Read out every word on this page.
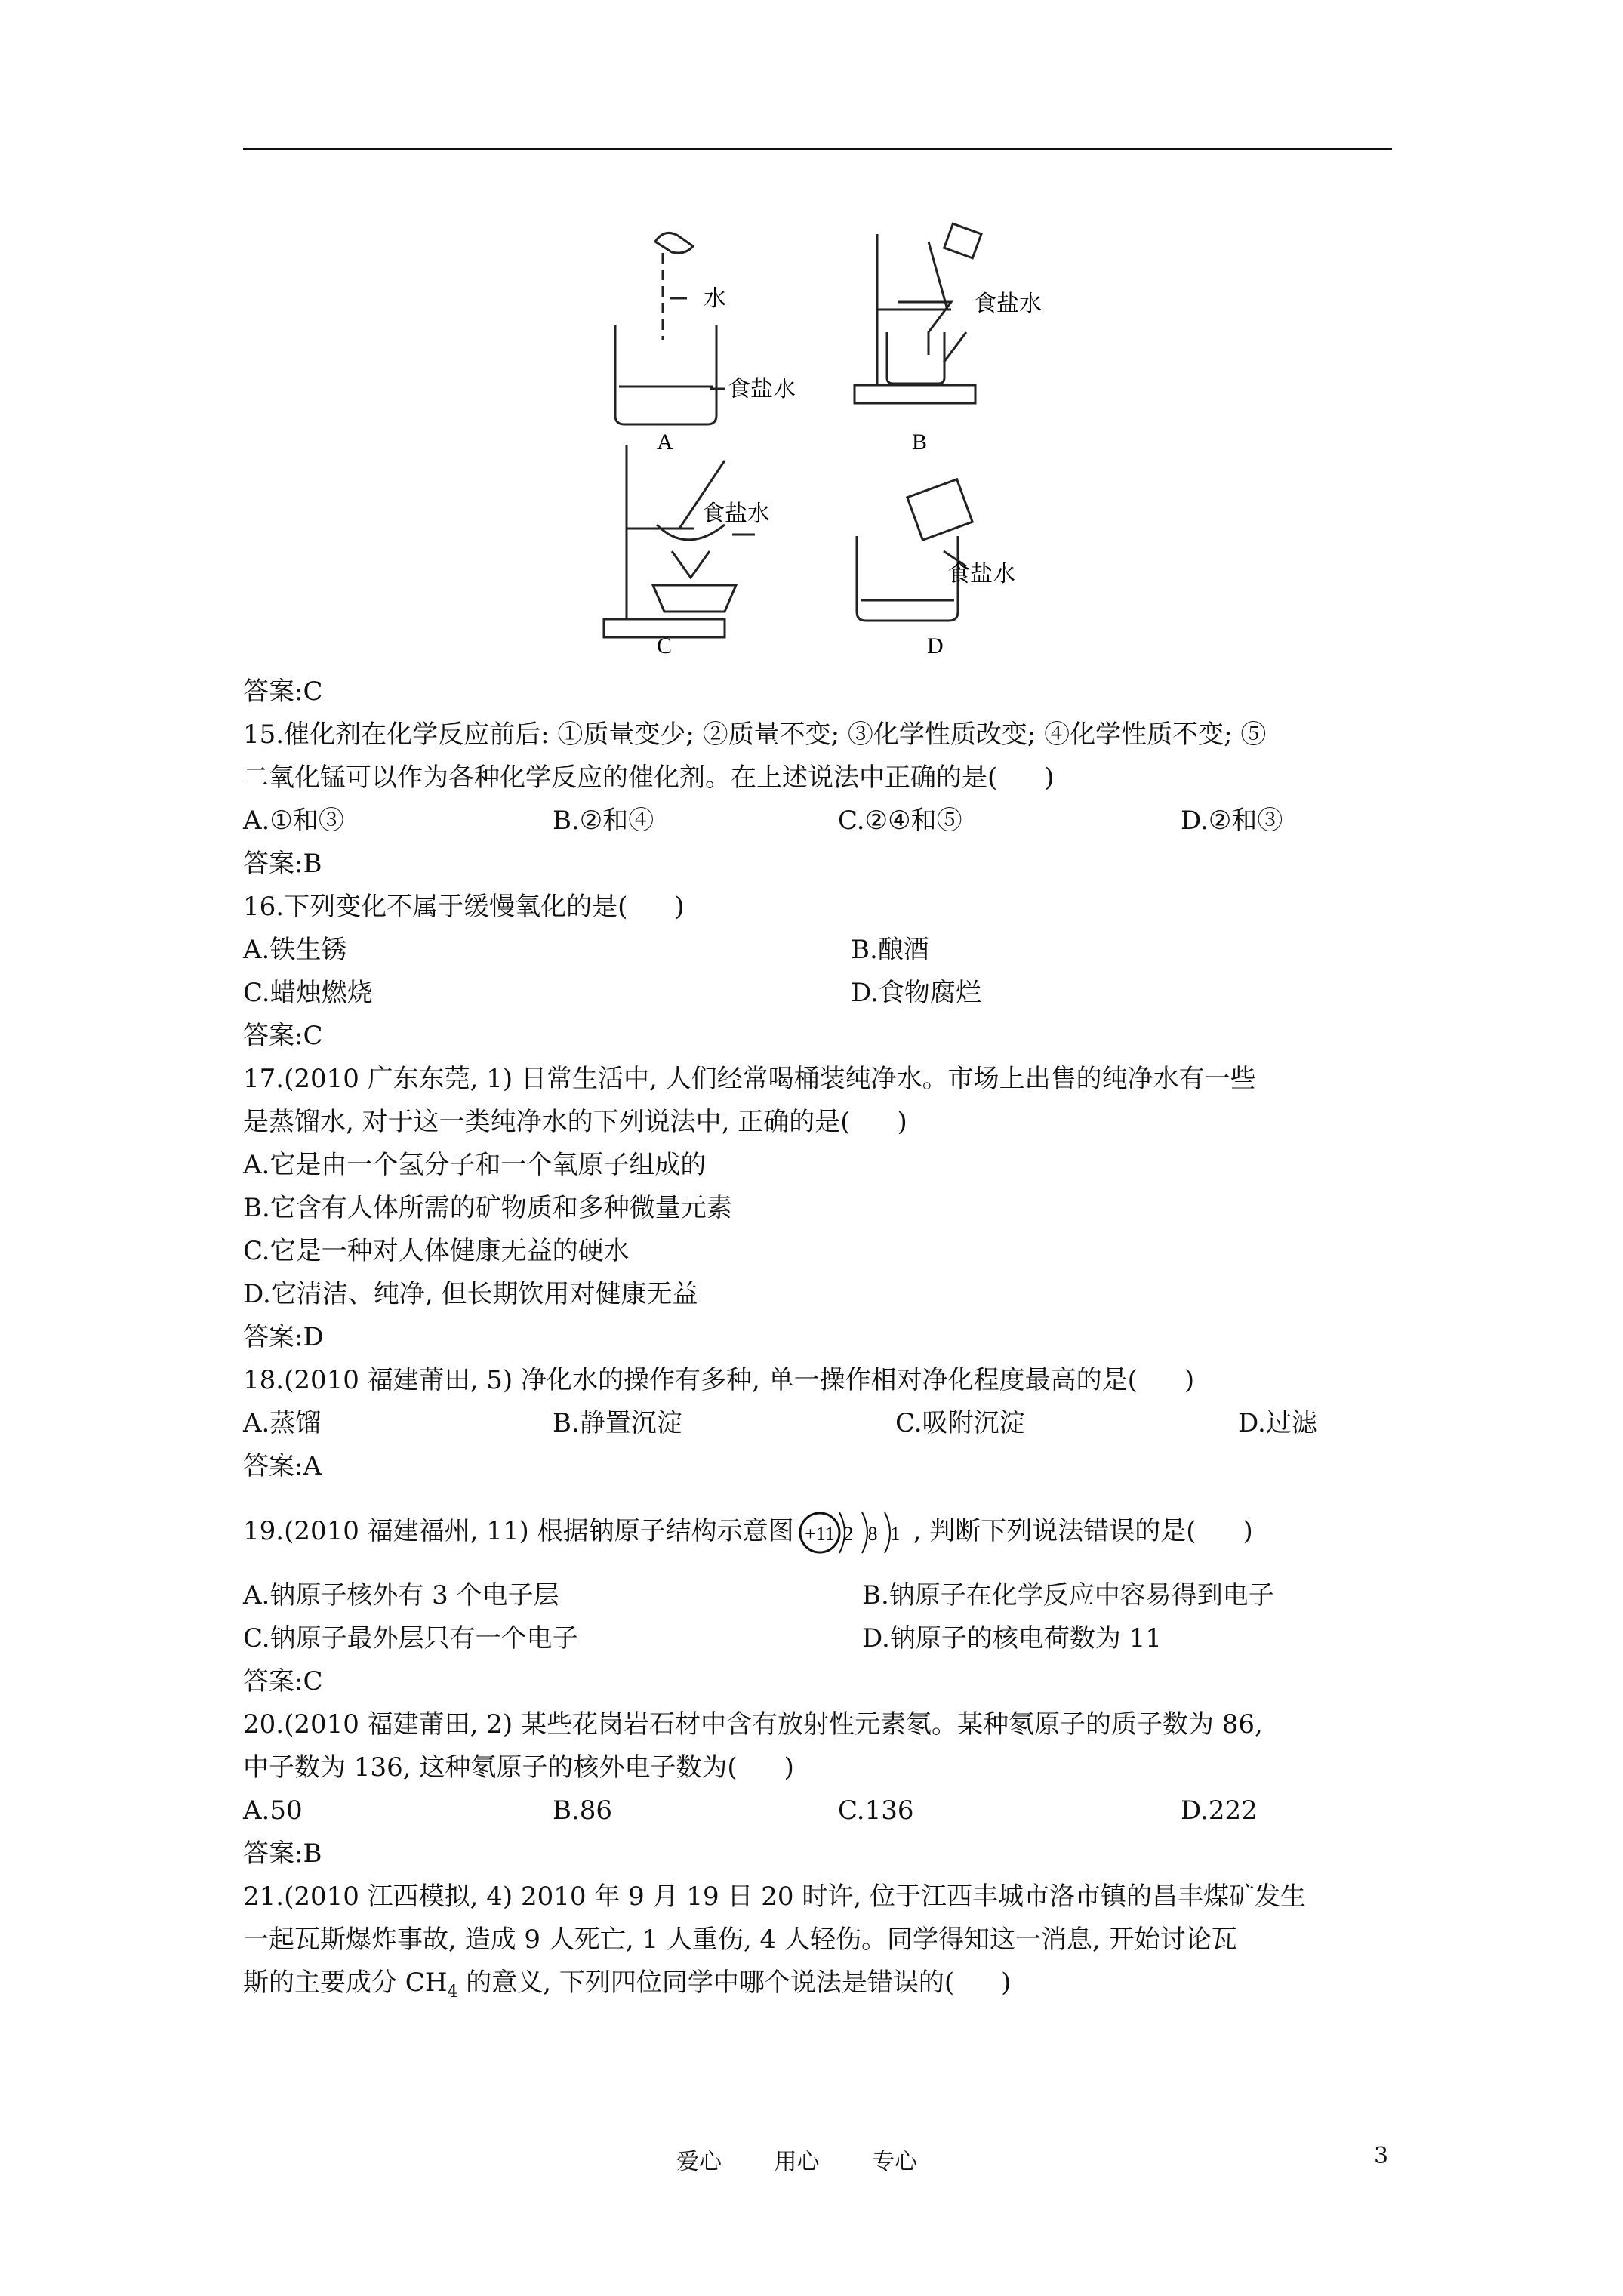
水
食盐水
A
食盐水
B
食盐水
C
食盐水
D
答案:C
15.催化剂在化学反应前后: ①质量变少; ②质量不变; ③化学性质改变; ④化学性质不变; ⑤
二氧化锰可以作为各种化学反应的催化剂。在上述说法中正确的是( )
A.①和③	B.②和④	C.②④和⑤	D.②和③
答案:B
16.下列变化不属于缓慢氧化的是( )
A.铁生锈	B.酿酒
C.蜡烛燃烧	D.食物腐烂
答案:C
17.(2010 广东东莞, 1) 日常生活中, 人们经常喝桶装纯净水。市场上出售的纯净水有一些
是蒸馏水, 对于这一类纯净水的下列说法中, 正确的是( )
A.它是由一个氢分子和一个氧原子组成的
B.它含有人体所需的矿物质和多种微量元素
C.它是一种对人体健康无益的硬水
D.它清洁、纯净, 但长期饮用对健康无益
答案:D
18.(2010 福建莆田, 5) 净化水的操作有多种, 单一操作相对净化程度最高的是( )
A.蒸馏	B.静置沉淀	C.吸附沉淀	D.过滤
答案:A
19.(2010 福建福州, 11) 根据钠原子结构示意图 +11 2 8 1 , 判断下列说法错误的是( )
A.钠原子核外有 3 个电子层	B.钠原子在化学反应中容易得到电子
C.钠原子最外层只有一个电子	D.钠原子的核电荷数为 11
答案:C
20.(2010 福建莆田, 2) 某些花岗岩石材中含有放射性元素氡。某种氡原子的质子数为 86,
中子数为 136, 这种氡原子的核外电子数为( )
A.50	B.86	C.136	D.222
答案:B
21.(2010 江西模拟, 4) 2010 年 9 月 19 日 20 时许, 位于江西丰城市洛市镇的昌丰煤矿发生
一起瓦斯爆炸事故, 造成 9 人死亡, 1 人重伤, 4 人轻伤。同学得知这一消息, 开始讨论瓦
斯的主要成分 $CH_4$ 的意义, 下列四位同学中哪个说法是错误的( )
爱心 用心 专心	3
